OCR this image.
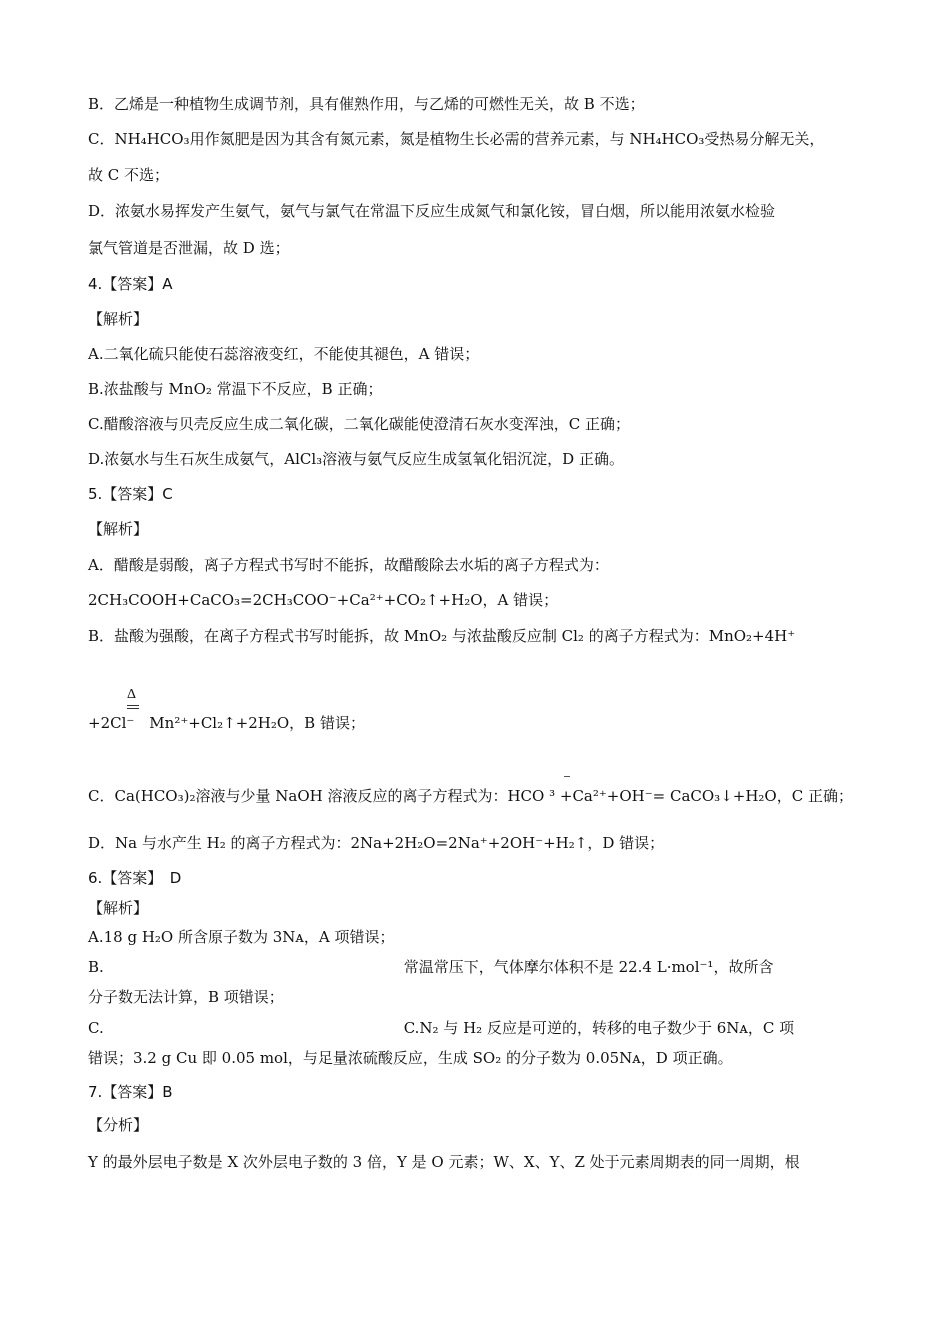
B．乙烯是一种植物生成调节剂，具有催熟作用，与乙烯的可燃性无关，故 B 不选；
C．NH₄HCO₃用作氮肥是因为其含有氮元素，氮是植物生长必需的营养元素，与 NH₄HCO₃受热易分解无关，
故 C 不选；
D．浓氨水易挥发产生氨气，氨气与氯气在常温下反应生成氮气和氯化铵，冒白烟，所以能用浓氨水检验
氯气管道是否泄漏，故 D 选；
4.【答案】A
【解析】
A.二氧化硫只能使石蕊溶液变红，不能使其褪色，A 错误；
B.浓盐酸与 MnO₂ 常温下不反应，B 正确；
C.醋酸溶液与贝壳反应生成二氧化碳，二氧化碳能使澄清石灰水变浑浊，C 正确；
D.浓氨水与生石灰生成氨气，AlCl₃溶液与氨气反应生成氢氧化铝沉淀，D 正确。
5.【答案】C
【解析】
A．醋酸是弱酸，离子方程式书写时不能拆，故醋酸除去水垢的离子方程式为：
2CH₃COOH+CaCO₃=2CH₃COO⁻+Ca²⁺+CO₂↑+H₂O，A 错误；
B．盐酸为强酸，在离子方程式书写时能拆，故 MnO₂ 与浓盐酸反应制 Cl₂ 的离子方程式为：MnO₂+4H⁺
Δ
+2Cl⁻　Mn²⁺+Cl₂↑+2H₂O，B 错误；
C．Ca(HCO₃)₂溶液与少量 NaOH 溶液反应的离子方程式为：HCO ³ +Ca²⁺+OH⁻= CaCO₃↓+H₂O，C 正确；
D．Na 与水产生 H₂ 的离子方程式为：2Na+2H₂O=2Na⁺+2OH⁻+H₂↑，D 错误；
6.【答案】　D
【解析】
A.18 g H₂O 所含原子数为 3Nᴀ，A 项错误；
B.　　　　　　　　　　　　　　　　　　　　常温常压下，气体摩尔体积不是 22.4 L·mol⁻¹，故所含
分子数无法计算，B 项错误；
C.　　　　　　　　　　　　　　　　　　　　C.N₂ 与 H₂ 反应是可逆的，转移的电子数少于 6Nᴀ，C 项
错误；3.2 g Cu 即 0.05 mol，与足量浓硫酸反应，生成 SO₂ 的分子数为 0.05Nᴀ，D 项正确。
7.【答案】B
【分析】
Y 的最外层电子数是 X 次外层电子数的 3 倍，Y 是 O 元素；W、X、Y、Z 处于元素周期表的同一周期，根
